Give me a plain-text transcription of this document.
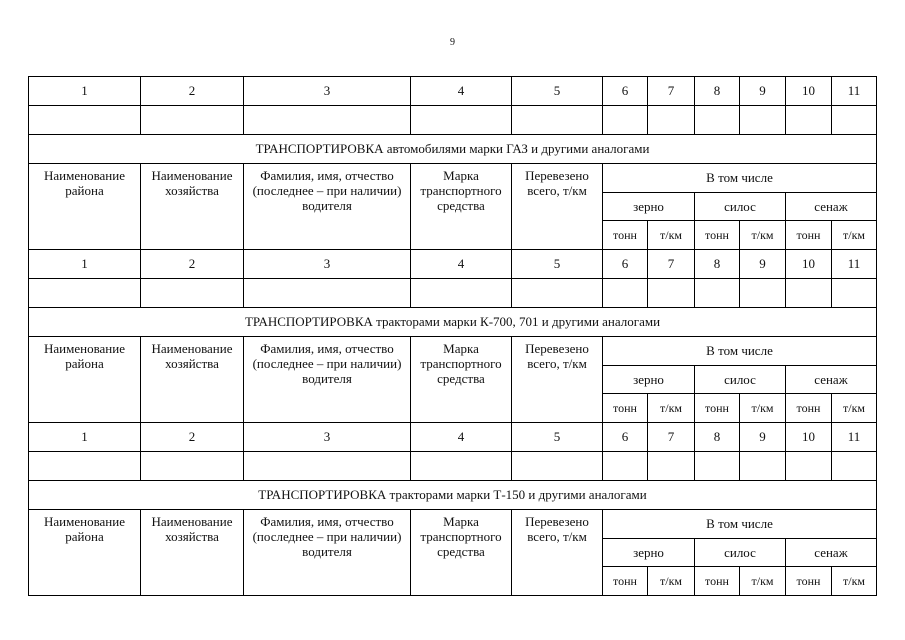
9
1	2	3	4	5	6	7	8	9	10	11

ТРАНСПОРТИРОВКА автомобилями марки ГАЗ и другими аналогами										
Наименование района	Наименование хозяйства	Фамилия, имя, отчество (последнее – при наличии) водителя	Марка транспортного средства	Перевезено всего, т/км	В том числе					
					зерно		силос		сенаж	
					тонн	т/км	тонн	т/км	тонн	т/км
1	2	3	4	5	6	7	8	9	10	11

ТРАНСПОРТИРОВКА тракторами марки К-700, 701 и другими аналогами										
Наименование района	Наименование хозяйства	Фамилия, имя, отчество (последнее – при наличии) водителя	Марка транспортного средства	Перевезено всего, т/км	В том числе					
					зерно		силос		сенаж	
					тонн	т/км	тонн	т/км	тонн	т/км
1	2	3	4	5	6	7	8	9	10	11

ТРАНСПОРТИРОВКА тракторами марки Т-150 и другими аналогами										
Наименование района	Наименование хозяйства	Фамилия, имя, отчество (последнее – при наличии) водителя	Марка транспортного средства	Перевезено всего, т/км	В том числе					
					зерно		силос		сенаж	
					тонн	т/км	тонн	т/км	тонн	т/км
